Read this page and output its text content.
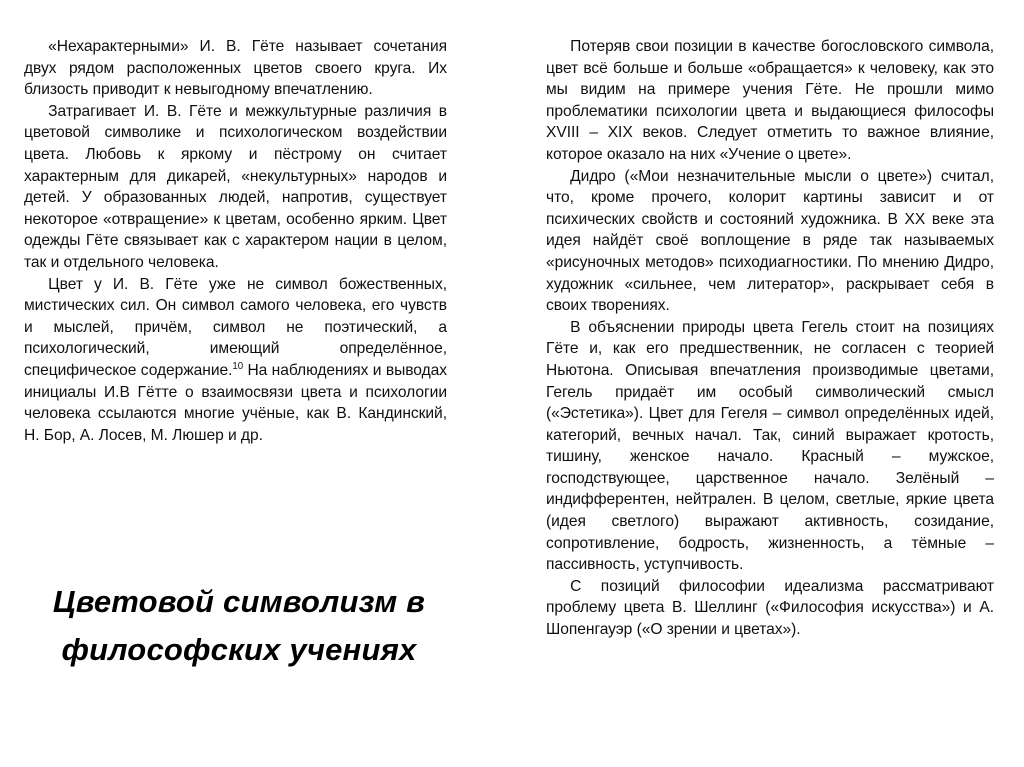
«Нехарактерными» И. В. Гёте называет сочетания двух рядом расположенных цветов своего круга. Их близость приводит к невыгодному впечатлению.

Затрагивает И. В. Гёте и межкультурные различия в цветовой символике и психологическом воздействии цвета. Любовь к яркому и пёстрому он считает характерным для дикарей, «некультурных» народов и детей. У образованных людей, напротив, существует некоторое «отвращение» к цветам, особенно ярким. Цвет одежды Гёте связывает как с характером нации в целом, так и отдельного человека.

Цвет у И. В. Гёте уже не символ божественных, мистических сил. Он символ самого человека, его чувств и мыслей, причём, символ не поэтический, а психологический, имеющий определённое, специфическое содержание.$^{10}$ На наблюдениях и выводах инициалы И.В Гётте о взаимосвязи цвета и психологии человека ссылаются многие учёные, как В. Кандинский, Н. Бор, А. Лосев, М. Люшер и др.

Цветовой символизм в
философских учениях

Потеряв свои позиции в качестве богословского символа, цвет всё больше и больше «обращается» к человеку, как это мы видим на примере учения Гёте. Не прошли мимо проблематики психологии цвета и выдающиеся философы XVIII – XIX веков. Следует отметить то важное влияние, которое оказало на них «Учение о цвете».

Дидро («Мои незначительные мысли о цвете») считал, что, кроме прочего, колорит картины зависит и от психических свойств и состояний художника. В XX веке эта идея найдёт своё воплощение в ряде так называемых «рисуночных методов» психодиагностики. По мнению Дидро, художник «сильнее, чем литератор», раскрывает себя в своих творениях.

В объяснении природы цвета Гегель стоит на позициях Гёте и, как его предшественник, не согласен с теорией Ньютона. Описывая впечатления производимые цветами, Гегель придаёт им особый символический смысл («Эстетика»). Цвет для Гегеля – символ определённых идей, категорий, вечных начал. Так, синий выражает кротость, тишину, женское начало. Красный – мужское, господствующее, царственное начало. Зелёный – индифферентен, нейтрален. В целом, светлые, яркие цвета (идея светлого) выражают активность, созидание, сопротивление, бодрость, жизненность, а тёмные – пассивность, уступчивость.

С позиций философии идеализма рассматривают проблему цвета В. Шеллинг («Философия искусства») и А. Шопенгауэр («О зрении и цветах»).
